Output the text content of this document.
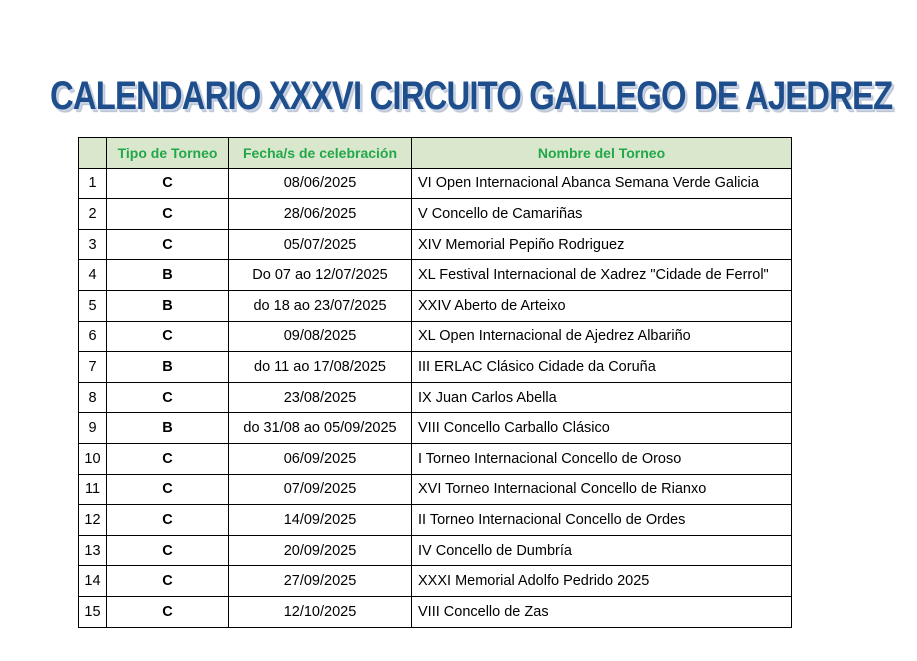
CALENDARIO XXXVI CIRCUITO GALLEGO DE AJEDREZ
	Tipo de Torneo	Fecha/s de celebración	Nombre del Torneo
1	C	08/06/2025	VI Open Internacional Abanca Semana Verde Galicia
2	C	28/06/2025	V Concello de Camariñas
3	C	05/07/2025	XIV Memorial Pepiño Rodriguez
4	B	Do 07 ao 12/07/2025	XL Festival Internacional de Xadrez "Cidade de Ferrol"
5	B	do 18 ao 23/07/2025	XXIV Aberto de Arteixo
6	C	09/08/2025	XL Open Internacional de Ajedrez Albariño
7	B	do 11 ao 17/08/2025	III ERLAC Clásico Cidade da Coruña
8	C	23/08/2025	IX Juan Carlos Abella
9	B	do 31/08 ao 05/09/2025	VIII Concello Carballo Clásico
10	C	06/09/2025	I Torneo Internacional Concello de Oroso
11	C	07/09/2025	XVI Torneo Internacional Concello de Rianxo
12	C	14/09/2025	II Torneo Internacional Concello de Ordes
13	C	20/09/2025	IV Concello de Dumbría
14	C	27/09/2025	XXXI Memorial Adolfo Pedrido 2025
15	C	12/10/2025	VIII Concello de Zas
